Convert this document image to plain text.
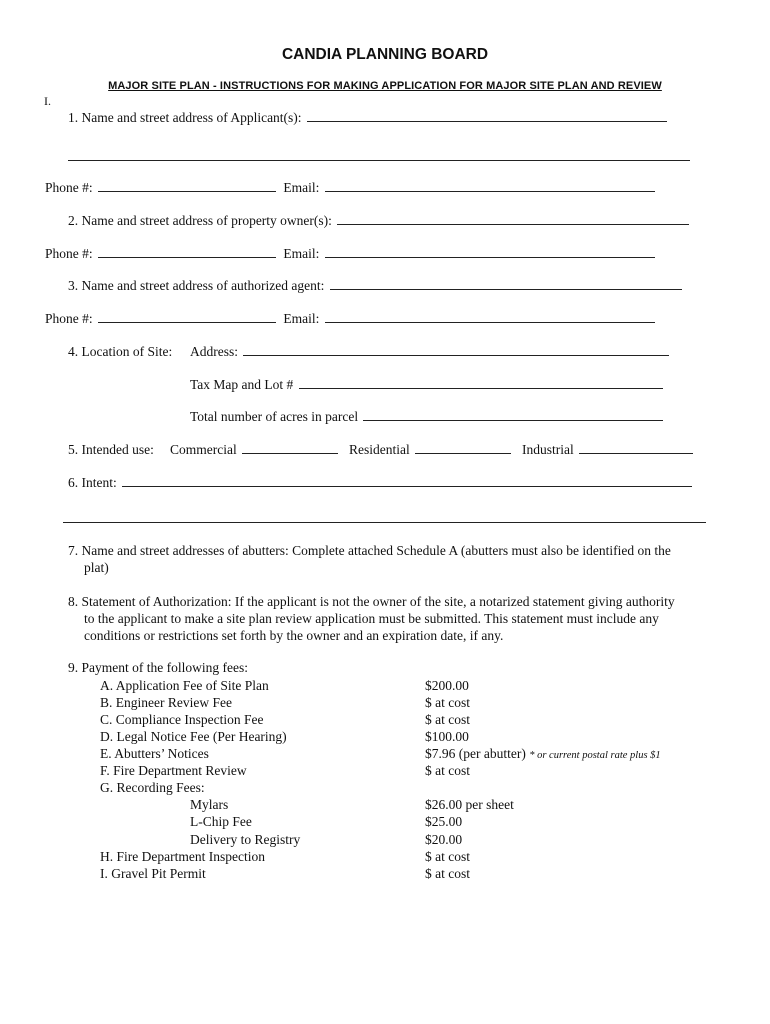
CANDIA PLANNING BOARD
MAJOR SITE PLAN - INSTRUCTIONS FOR MAKING APPLICATION FOR MAJOR SITE PLAN AND REVIEW
I.
1. Name and street address of Applicant(s):
Phone #:	Email:
2. Name and street address of property owner(s):
Phone #:	Email:
3. Name and street address of authorized agent:
Phone #:	Email:
4. Location of Site: Address:
Tax Map and Lot #
Total number of acres in parcel
5. Intended use: Commercial	Residential	Industrial
6. Intent:
7. Name and street addresses of abutters: Complete attached Schedule A (abutters must also be identified on the
plat)
8. Statement of Authorization: If the applicant is not the owner of the site, a notarized statement giving authority
to the applicant to make a site plan review application must be submitted. This statement must include any
conditions or restrictions set forth by the owner and an expiration date, if any.
9. Payment of the following fees:
A. Application Fee of Site Plan	$200.00
B. Engineer Review Fee	$ at cost
C. Compliance Inspection Fee	$ at cost
D. Legal Notice Fee (Per Hearing)	$100.00
E. Abutters’ Notices	$7.96 (per abutter) * or current postal rate plus $1
F. Fire Department Review	$ at cost
G. Recording Fees:
Mylars	$26.00 per sheet
L-Chip Fee	$25.00
Delivery to Registry	$20.00
H. Fire Department Inspection	$ at cost
I. Gravel Pit Permit	$ at cost
